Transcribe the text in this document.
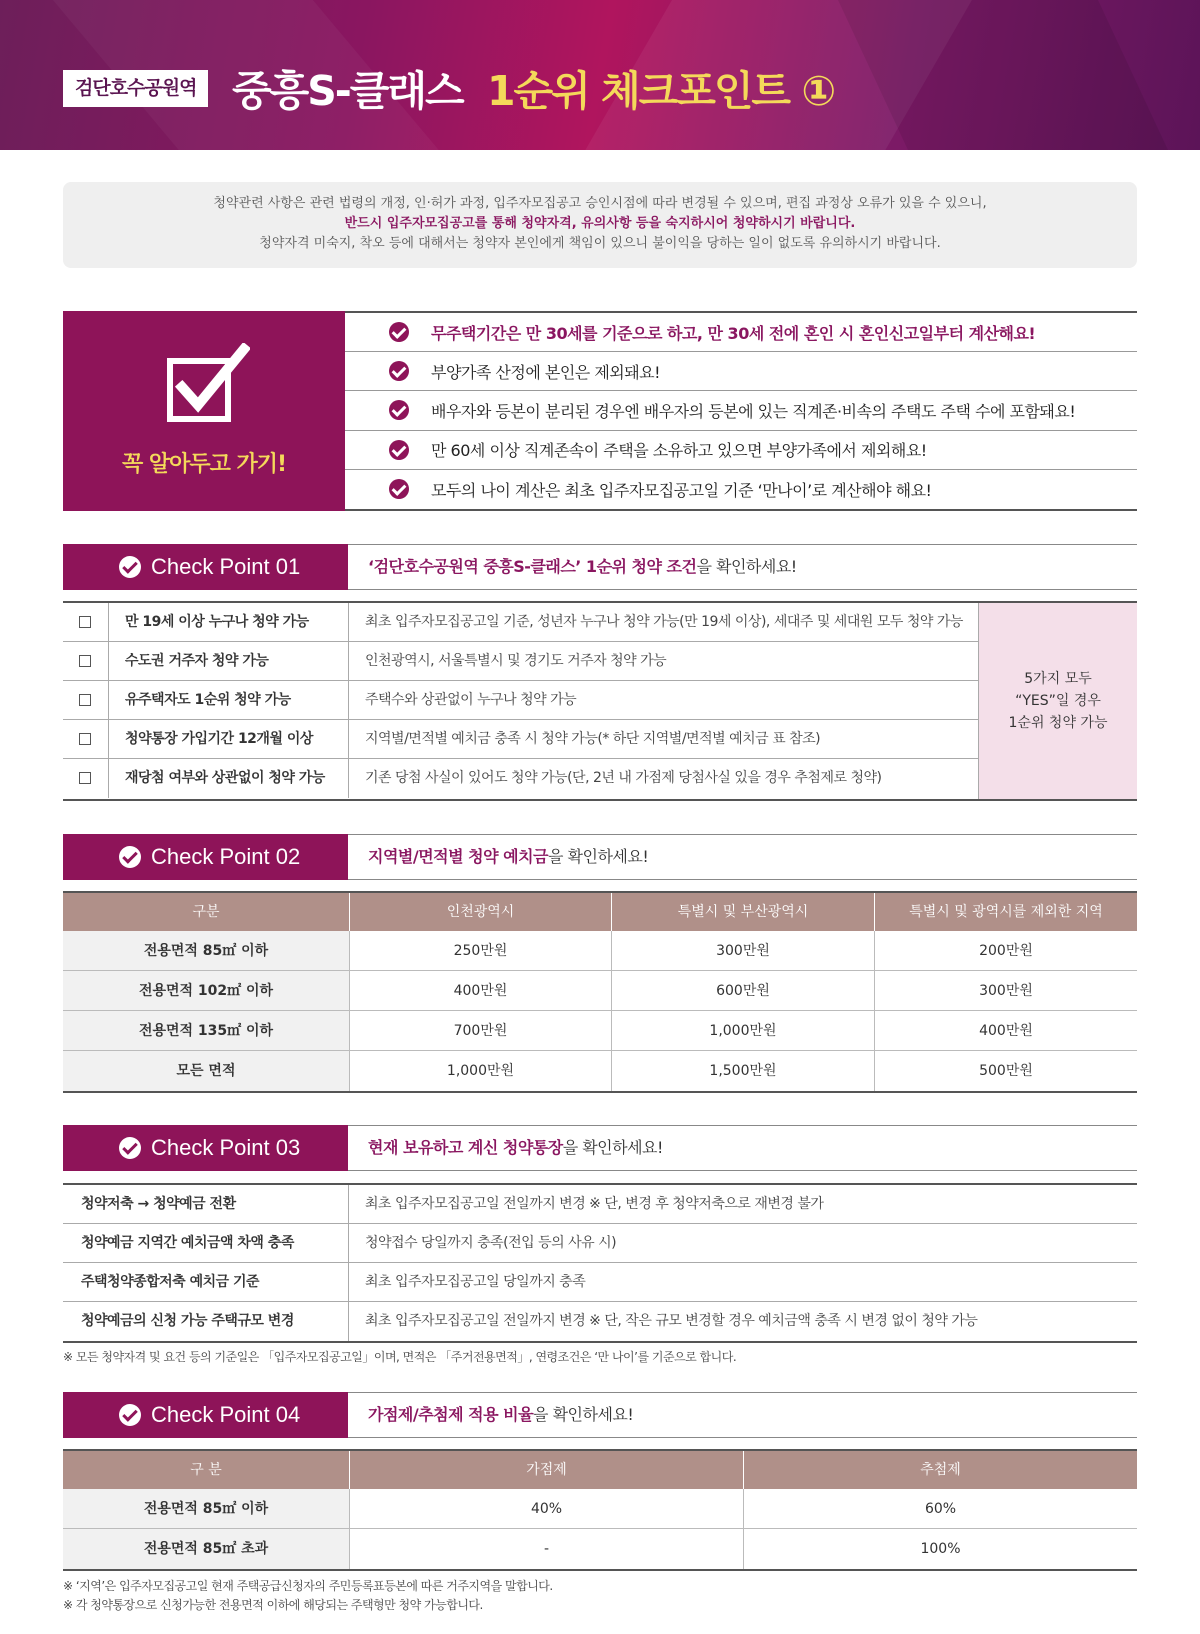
검단호수공원역 중흥S-클래스 1순위 체크포인트 ①
청약관련 사항은 관련 법령의 개정, 인·허가 과정, 입주자모집공고 승인시점에 따라 변경될 수 있으며, 편집 과정상 오류가 있을 수 있으니,
반드시 입주자모집공고를 통해 청약자격, 유의사항 등을 숙지하시어 청약하시기 바랍니다.
청약자격 미숙지, 착오 등에 대해서는 청약자 본인에게 책임이 있으니 불이익을 당하는 일이 없도록 유의하시기 바랍니다.
꼭 알아두고 가기!
무주택기간은 만 30세를 기준으로 하고, 만 30세 전에 혼인 시 혼인신고일부터 계산해요!
부양가족 산정에 본인은 제외돼요!
배우자와 등본이 분리된 경우엔 배우자의 등본에 있는 직계존·비속의 주택도 주택 수에 포함돼요!
만 60세 이상 직계존속이 주택을 소유하고 있으면 부양가족에서 제외해요!
모두의 나이 계산은 최초 입주자모집공고일 기준 ‘만나이’로 계산해야 해요!
Check Point 01	‘검단호수공원역 중흥S-클래스’ 1순위 청약 조건을 확인하세요!
만 19세 이상 누구나 청약 가능	최초 입주자모집공고일 기준, 성년자 누구나 청약 가능(만 19세 이상), 세대주 및 세대원 모두 청약 가능
수도권 거주자 청약 가능	인천광역시, 서울특별시 및 경기도 거주자 청약 가능
유주택자도 1순위 청약 가능	주택수와 상관없이 누구나 청약 가능
청약통장 가입기간 12개월 이상	지역별/면적별 예치금 충족 시 청약 가능(* 하단 지역별/면적별 예치금 표 참조)
재당첨 여부와 상관없이 청약 가능	기존 당첨 사실이 있어도 청약 가능(단, 2년 내 가점제 당첨사실 있을 경우 추첨제로 청약)
5가지 모두
“YES”일 경우
1순위 청약 가능
Check Point 02	지역별/면적별 청약 예치금을 확인하세요!
구분	인천광역시	특별시 및 부산광역시	특별시 및 광역시를 제외한 지역
전용면적 85㎡ 이하	250만원	300만원	200만원
전용면적 102㎡ 이하	400만원	600만원	300만원
전용면적 135㎡ 이하	700만원	1,000만원	400만원
모든 면적	1,000만원	1,500만원	500만원
Check Point 03	현재 보유하고 계신 청약통장을 확인하세요!
청약저축 → 청약예금 전환	최초 입주자모집공고일 전일까지 변경 ※ 단, 변경 후 청약저축으로 재변경 불가
청약예금 지역간 예치금액 차액 충족	청약접수 당일까지 충족(전입 등의 사유 시)
주택청약종합저축 예치금 기준	최초 입주자모집공고일 당일까지 충족
청약예금의 신청 가능 주택규모 변경	최초 입주자모집공고일 전일까지 변경 ※ 단, 작은 규모 변경할 경우 예치금액 충족 시 변경 없이 청약 가능
※ 모든 청약자격 및 요건 등의 기준일은 「입주자모집공고일」이며, 면적은 「주거전용면적」, 연령조건은 ‘만 나이’를 기준으로 합니다.
Check Point 04	가점제/추첨제 적용 비율을 확인하세요!
구 분	가점제	추첨제
전용면적 85㎡ 이하	40%	60%
전용면적 85㎡ 초과	-	100%
※ ‘지역’은 입주자모집공고일 현재 주택공급신청자의 주민등록표등본에 따른 거주지역을 말합니다.
※ 각 청약통장으로 신청가능한 전용면적 이하에 해당되는 주택형만 청약 가능합니다.
